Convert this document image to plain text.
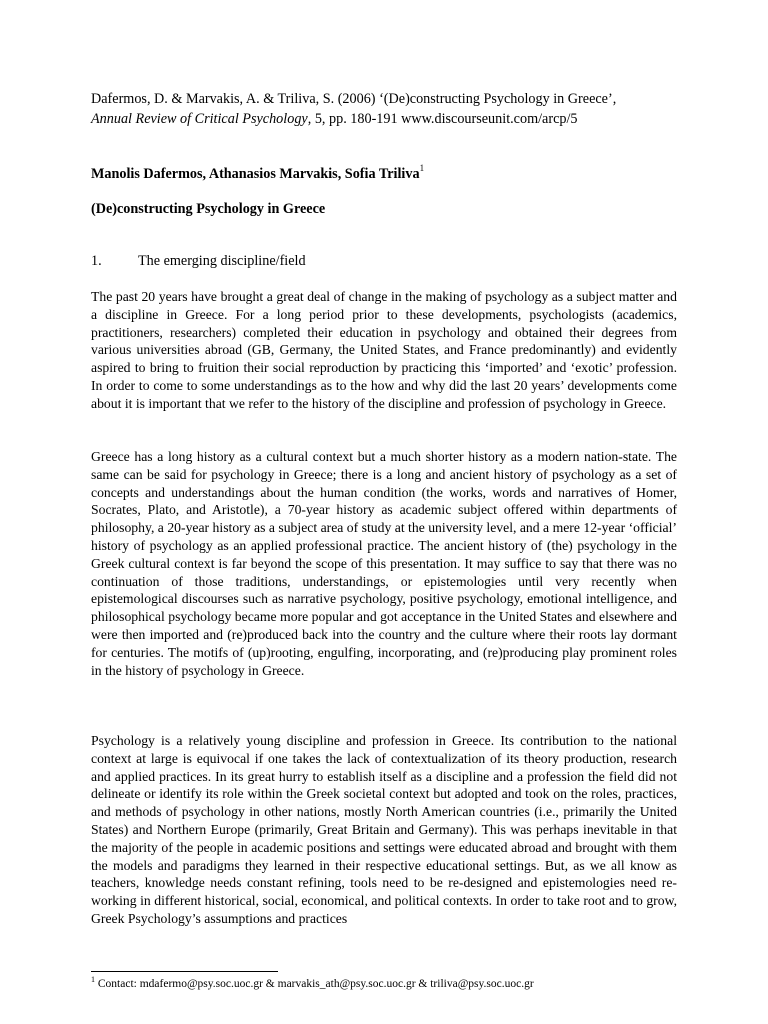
Dafermos, D. & Marvakis, A. & Triliva, S. (2006) ‘(De)constructing Psychology in Greece’,
Annual Review of Critical Psychology, 5, pp. 180-191 www.discourseunit.com/arcp/5
Manolis Dafermos, Athanasios Marvakis, Sofia Triliva$^1$
(De)constructing Psychology in Greece
1.	The emerging discipline/field
The past 20 years have brought a great deal of change in the making of psychology as a subject matter and a discipline in Greece. For a long period prior to these developments, psychologists (academics, practitioners, researchers) completed their education in psychology and obtained their degrees from various universities abroad (GB, Germany, the United States, and France predominantly) and evidently aspired to bring to fruition their social reproduction by practicing this ‘imported’ and ‘exotic’ profession. In order to come to some understandings as to the how and why did the last 20 years’ developments come about it is important that we refer to the history of the discipline and profession of psychology in Greece.
Greece has a long history as a cultural context but a much shorter history as a modern nation-state. The same can be said for psychology in Greece; there is a long and ancient history of psychology as a set of concepts and understandings about the human condition (the works, words and narratives of Homer, Socrates, Plato, and Aristotle), a 70-year history as academic subject offered within departments of philosophy, a 20-year history as a subject area of study at the university level, and a mere 12-year ‘official’ history of psychology as an applied professional practice. The ancient history of (the) psychology in the Greek cultural context is far beyond the scope of this presentation. It may suffice to say that there was no continuation of those traditions, understandings, or epistemologies until very recently when epistemological discourses such as narrative psychology, positive psychology, emotional intelligence, and philosophical psychology became more popular and got acceptance in the United States and elsewhere and were then imported and (re)produced back into the country and the culture where their roots lay dormant for centuries. The motifs of (up)rooting, engulfing, incorporating, and (re)producing play prominent roles in the history of psychology in Greece.
Psychology is a relatively young discipline and profession in Greece. Its contribution to the national context at large is equivocal if one takes the lack of contextualization of its theory production, research and applied practices. In its great hurry to establish itself as a discipline and a profession the field did not delineate or identify its role within the Greek societal context but adopted and took on the roles, practices, and methods of psychology in other nations, mostly North American countries (i.e., primarily the United States) and Northern Europe (primarily, Great Britain and Germany). This was perhaps inevitable in that the majority of the people in academic positions and settings were educated abroad and brought with them the models and paradigms they learned in their respective educational settings. But, as we all know as teachers, knowledge needs constant refining, tools need to be re-designed and epistemologies need re-working in different historical, social, economical, and political contexts. In order to take root and to grow, Greek Psychology’s assumptions and practices
$^1$ Contact: mdafermo@psy.soc.uoc.gr & marvakis_ath@psy.soc.uoc.gr & triliva@psy.soc.uoc.gr
